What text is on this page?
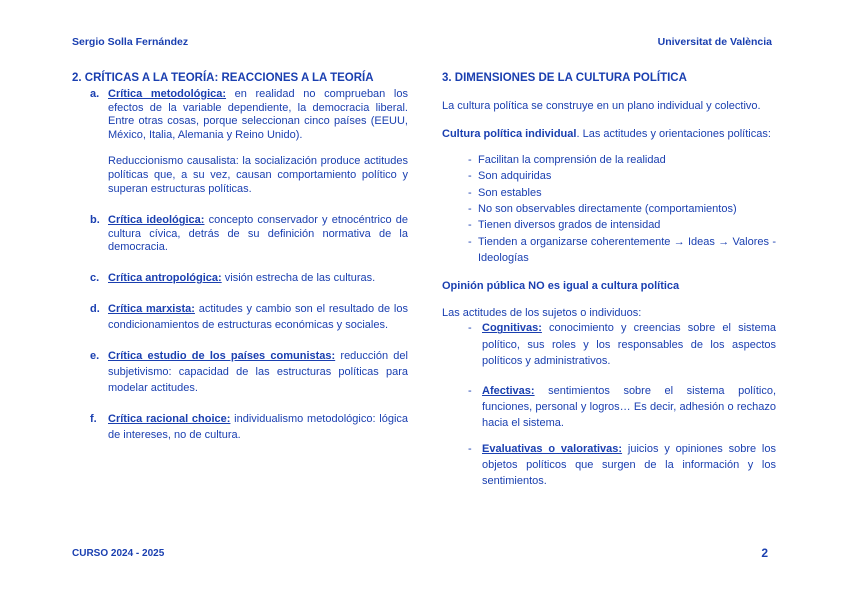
Sergio Solla Fernández	Universitat de València
2. CRÍTICAS A LA TEORÍA: REACCIONES A LA TEORÍA
a. Crítica metodológica: en realidad no comprueban los efectos de la variable dependiente, la democracia liberal. Entre otras cosas, porque seleccionan cinco países (EEUU, México, Italia, Alemania y Reino Unido).

Reduccionismo causalista: la socialización produce actitudes políticas que, a su vez, causan comportamiento político y superan estructuras políticas.

b. Crítica ideológica: concepto conservador y etnocéntrico de cultura cívica, detrás de su definición normativa de la democracia.

c. Crítica antropológica: visión estrecha de las culturas.

d. Crítica marxista: actitudes y cambio son el resultado de los condicionamientos de estructuras económicas y sociales.

e. Crítica estudio de los países comunistas: reducción del subjetivismo: capacidad de las estructuras políticas para modelar actitudes.

f. Crítica racional choice: individualismo metodológico: lógica de intereses, no de cultura.

3. DIMENSIONES DE LA CULTURA POLÍTICA

La cultura política se construye en un plano individual y colectivo.

Cultura política individual. Las actitudes y orientaciones políticas:

- Facilitan la comprensión de la realidad
- Son adquiridas
- Son estables
- No son observables directamente (comportamientos)
- Tienen diversos grados de intensidad
- Tienden a organizarse coherentemente → Ideas → Valores - Ideologías

Opinión pública NO es igual a cultura política

Las actitudes de los sujetos o individuos:

- Cognitivas: conocimiento y creencias sobre el sistema político, sus roles y los responsables de los aspectos políticos y administrativos.
- Afectivas: sentimientos sobre el sistema político, funciones, personal y logros… Es decir, adhesión o rechazo hacia el sistema.
- Evaluativas o valorativas: juicios y opiniones sobre los objetos políticos que surgen de la información y los sentimientos.
CURSO 2024 - 2025	2
